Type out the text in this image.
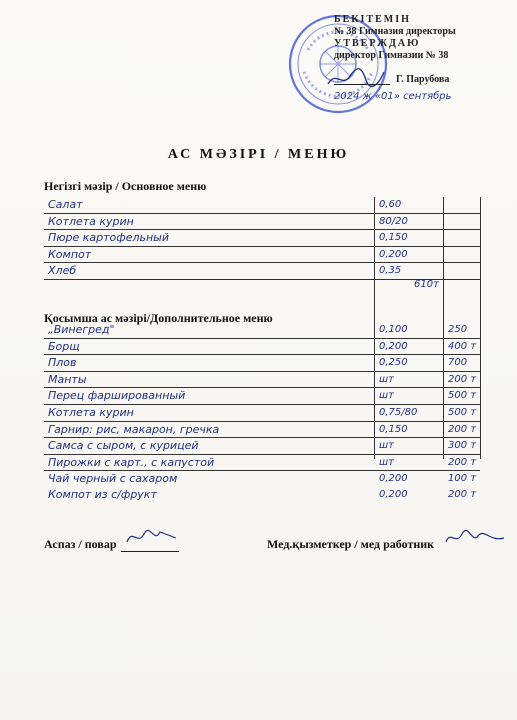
БЕКІТЕМІН
№ 38 Гимназия директоры
УТВЕРЖДАЮ
директор Гимназии № 38
Г. Парубова
2024 ж «01» сентябрь
АС МӘЗІРІ / МЕНЮ
Негізгі мәзір / Основное меню
Салат	0,60
Котлета курин	80/20
Пюре картофельный	0,150
Компот	0,200
Хлеб	0,35
610т
Қосымша ас мәзірі/Дополнительное меню
„Винегред"	0,100	250
Борщ	0,200	400 т
Плов	0,250	700
Манты	шт	200 т
Перец фаршированный	шт	500 т
Котлета курин	0,75/80	500 т
Гарнир: рис, макарон, гречка	0,150	200 т
Самса с сыром, с курицей	шт	300 т
Пирожки с карт., с капустой	шт	200 т
Чай черный с сахаром	0,200	100 т
Компот из с/фрукт	0,200	200 т
Аспаз / повар	Мед.қызметкер / мед работник
